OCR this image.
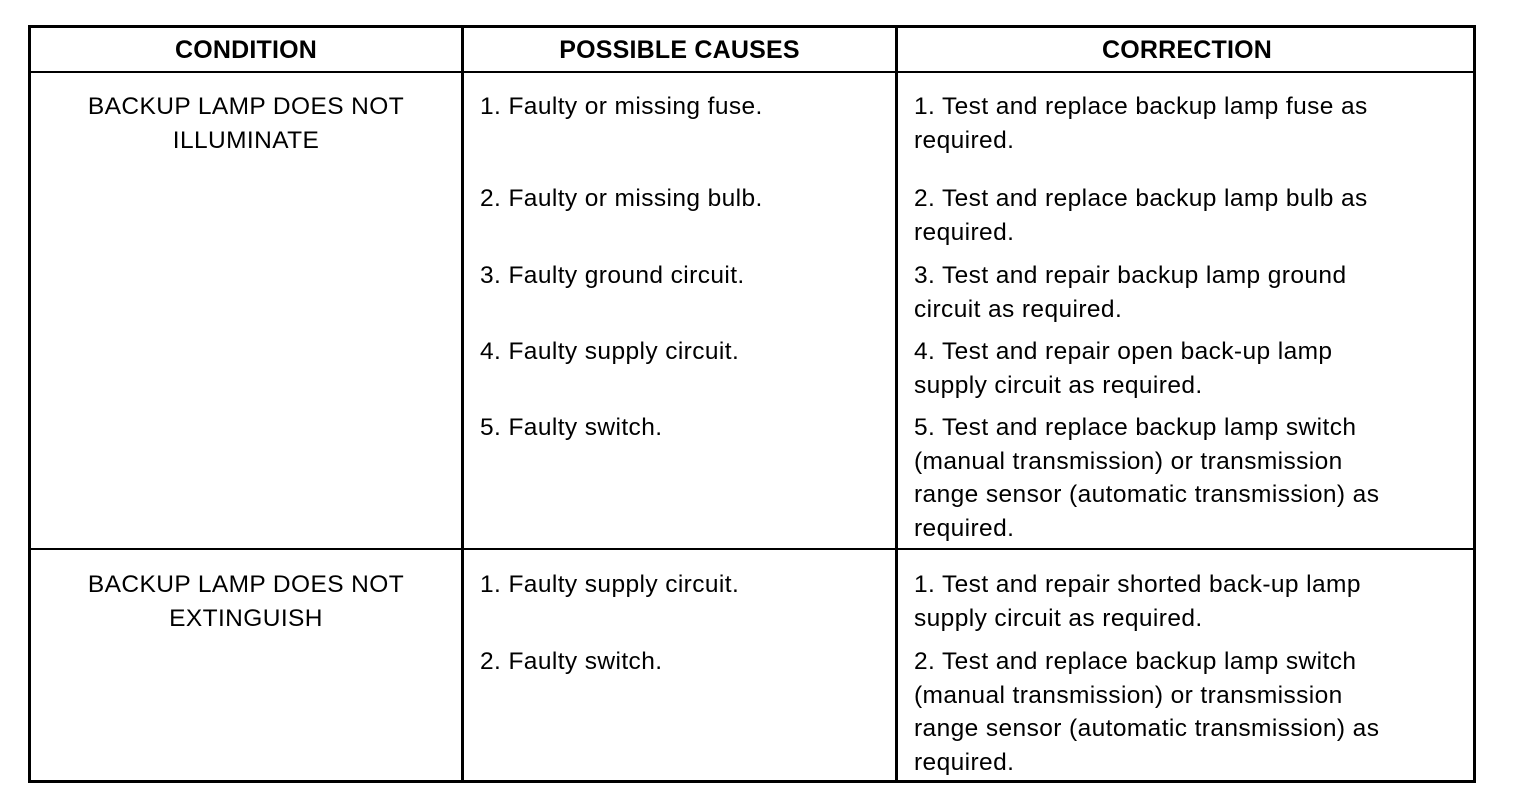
CONDITION	POSSIBLE CAUSES	CORRECTION
BACKUP LAMP DOES NOT
ILLUMINATE
1. Faulty or missing fuse.	1. Test and replace backup lamp fuse as
required.
2. Faulty or missing bulb.	2. Test and replace backup lamp bulb as
required.
3. Faulty ground circuit.	3. Test and repair backup lamp ground
circuit as required.
4. Faulty supply circuit.	4. Test and repair open back-up lamp
supply circuit as required.
5. Faulty switch.	5. Test and replace backup lamp switch
(manual transmission) or transmission
range sensor (automatic transmission) as
required.
BACKUP LAMP DOES NOT
EXTINGUISH
1. Faulty supply circuit.	1. Test and repair shorted back-up lamp
supply circuit as required.
2. Faulty switch.	2. Test and replace backup lamp switch
(manual transmission) or transmission
range sensor (automatic transmission) as
required.
